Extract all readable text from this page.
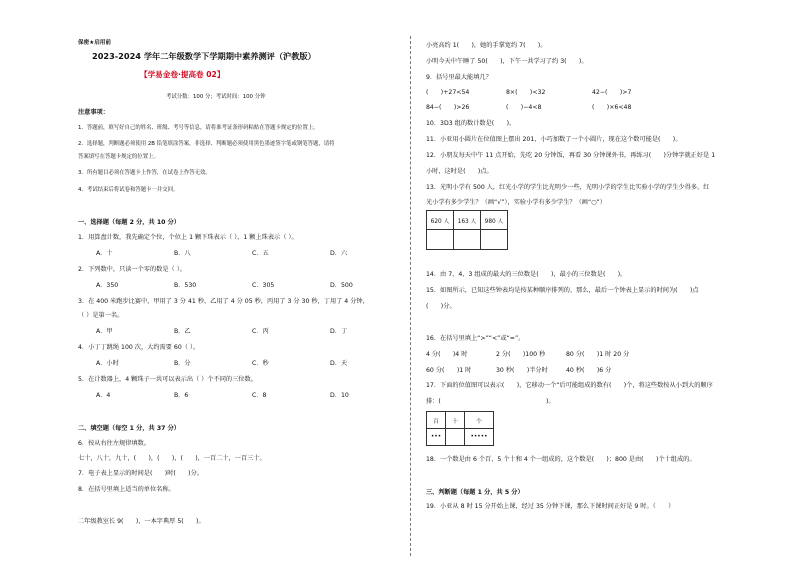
保密★启用前
2023-2024 学年二年级数学下学期期中素养测评（沪教版）
【学易金卷·提高卷 02】
考试分数：100 分；考试时间：100 分钟
注意事项：
1．答题前，填写好自己的姓名、班级、考号等信息，请将准考证条形码粘贴在答题卡规定的位置上。
2．选择题，判断题必须使用 2B 铅笔填涂答案，非选择、判断题必须使用黑色墨迹签字笔或钢笔答题，请将
答案填写在答题卡规定的位置上。
3．所有题目必须在答题卡上作答，在试卷上作答无效。
4．考试结束后将试卷和答题卡一并交回。
一、选择题（每题 2 分，共 10 分）
1．用算盘计数，我先确定个位，个位上 1 颗下珠表示（ ），1 颗上珠表示（ ）。
A．十	B．八	C．五	D．六
2．下列数中，只读一个零的数是（ ）。
A．350	B．530	C．305	D．500
3．在 400 米跑步比赛中，甲用了 3 分 41 秒，乙用了 4 分 05 秒，丙用了 3 分 30 秒，丁用了 4 分钟，
（ ）是第一名。
A．甲	B．乙	C．丙	D．丁
4．小丁丁跳绳 100 次，大约需要 60（ ）。
A．小时	B．分	C．秒	D．天
5．在计数器上，4 颗珠子一共可以表示出（ ）个不同的三位数。
A．4	B．6	C．8	D．10
二、填空题（每空 1 分，共 37 分）
6．按从右往左规律填数。
七十，八十，九十，(　　)，(　　)，(　　)，一百二十，一百三十。
7．电子表上显示的时间是(　　)时(　　)分。
8．在括号里填上适当的单位名称。
二年级教室长 9(　　)，一本字典厚 5(　　)。
小亮高约 1(　　)，她的手掌宽约 7(　　)。
小明今天中午睡了 50(　　)，下午一共学习了约 3(　　)。
9．括号里最大能填几？
(　　)+27<54	8×(　　)<32	42−(　　)>7
84−(　　)>26	(　　)−4<8	(　　)×6<48
10．3D3 组的数计数是(　　)。
11．小亚用小圆片在位值图上摆出 201，小巧加数了一个小圆片，现在这个数可能是(　　)。
12．小朋友每天中午 11 点开始，先吃 20 分钟饭，再看 30 分钟课外书，再练习(　　)分钟字就正好是 1
小时，这时是(　　)点。
13．光明小学有 500 人，红光小学的学生比光明少一些，光明小学的学生比实验小学的学生少得多。红
光小学有多少学生？（画“√”），实验小学有多少学生？（画“○”）
620 人	163 人	980 人

14．由 7、4、3 组成的最大的三位数是(　　)，最小的三位数是(　　)。
15．如图所示，已知这些钟表均是按某种顺序排列的，那么，最后一个钟表上显示的时间为(　　)点
(　　)分。
16．在括号里填上“>”“<”或“=”。
4 分(　　)4 时	2 分(　　)100 秒	80 分(　　)1 时 20 分
60 分(　　)1 时	30 秒(　　)半分时	40 秒(　　)6 分
17．下面的位值图可以表示(　　)，它移动一个“后可能组成的数有(　　)个，将这些数按从小到大的顺序
排：(　　　　　　　　　　　　　　　　　)。
百	十	个
•••		•••••
18．一个数是由 6 个百、5 个十和 4 个一组成的，这个数是(　　)；800 是由(　　)个十组成的。
三、判断题（每题 1 分，共 5 分）
19．小亚从 8 时 15 分开始上课，经过 35 分钟下课，那么下课时间正好是 9 时。（　　）
